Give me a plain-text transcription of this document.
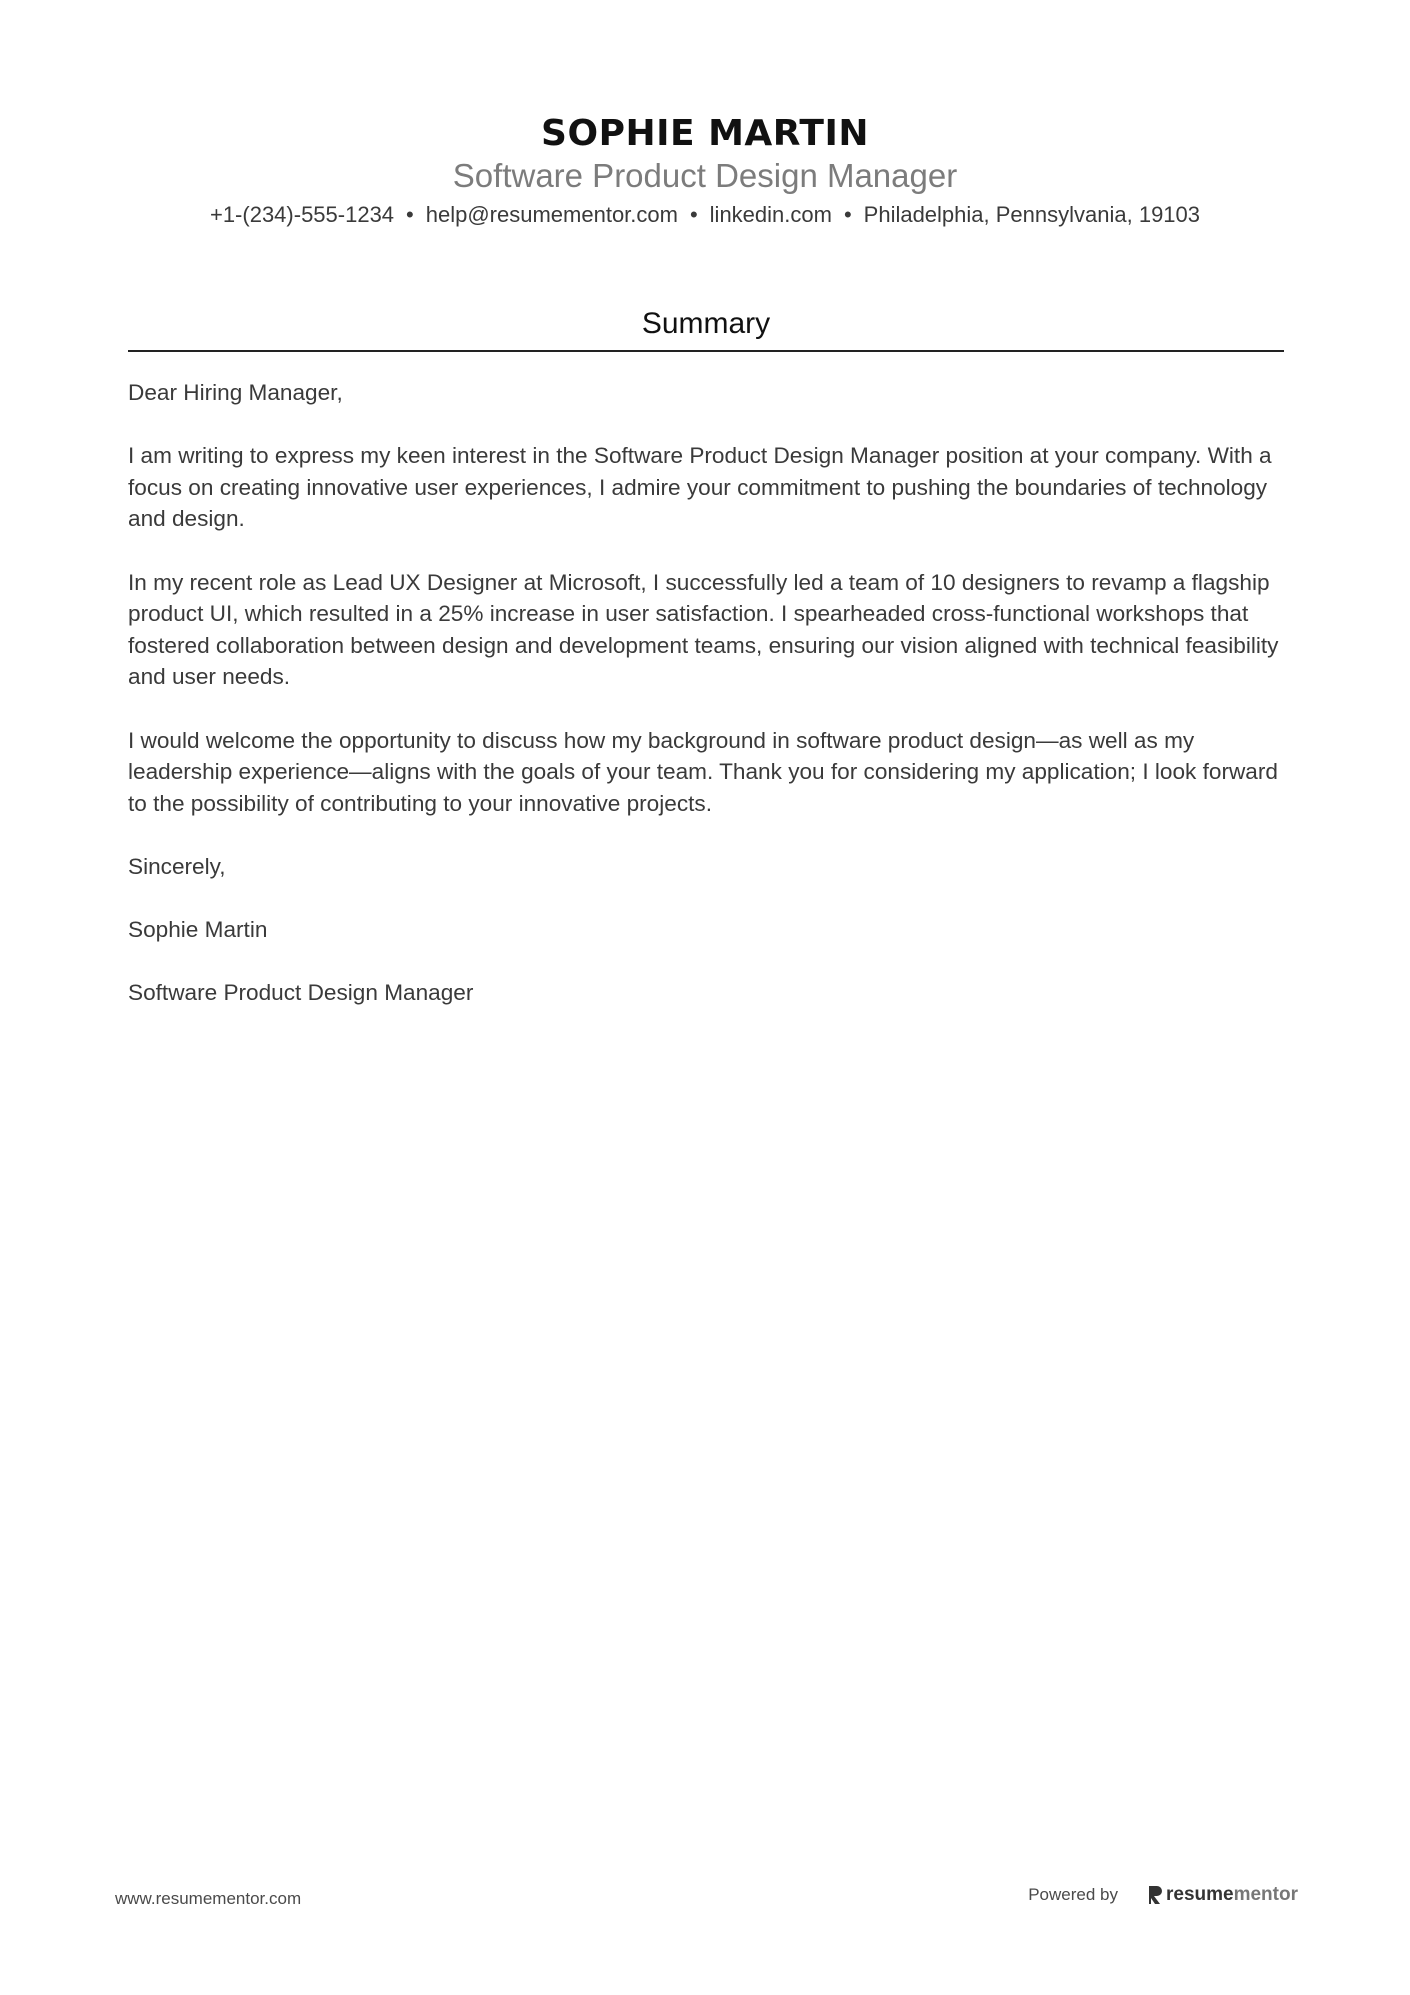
SOPHIE MARTIN
Software Product Design Manager
+1-(234)-555-1234 • help@resumementor.com • linkedin.com • Philadelphia, Pennsylvania, 19103
Summary

Dear Hiring Manager,

I am writing to express my keen interest in the Software Product Design Manager position at your company. With a focus on creating innovative user experiences, I admire your commitment to pushing the boundaries of technology and design.

In my recent role as Lead UX Designer at Microsoft, I successfully led a team of 10 designers to revamp a flagship product UI, which resulted in a 25% increase in user satisfaction. I spearheaded cross-functional workshops that fostered collaboration between design and development teams, ensuring our vision aligned with technical feasibility and user needs.

I would welcome the opportunity to discuss how my background in software product design—as well as my leadership experience—aligns with the goals of your team. Thank you for considering my application; I look forward to the possibility of contributing to your innovative projects.

Sincerely,

Sophie Martin

Software Product Design Manager

www.resumementor.com	Powered by	resume mentor
